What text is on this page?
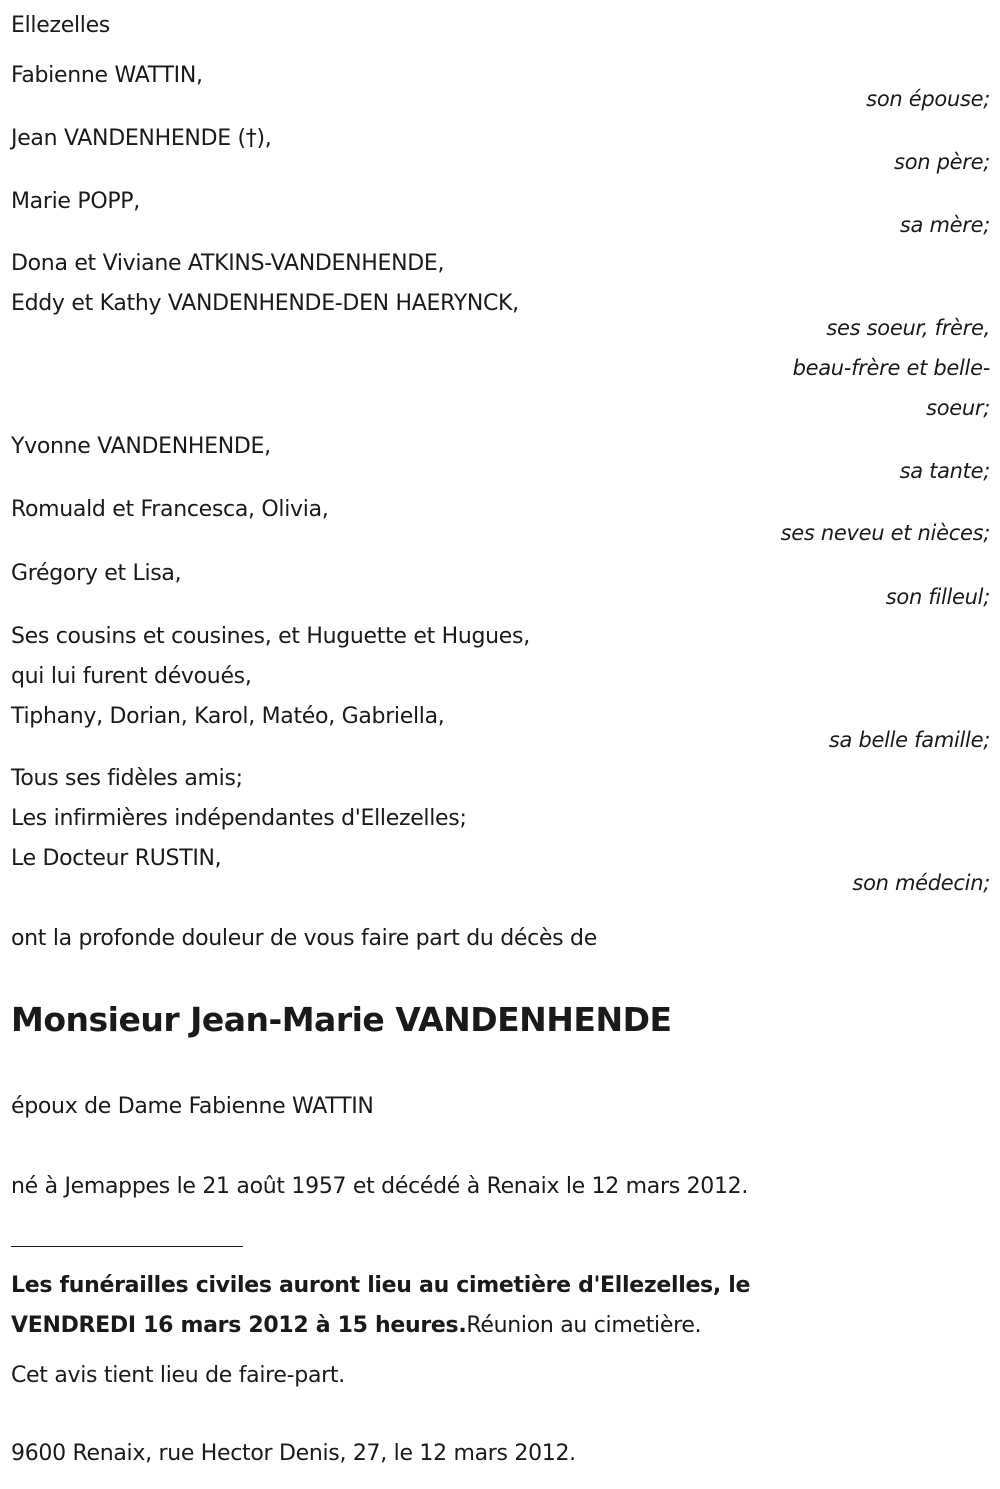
Ellezelles
Fabienne WATTIN,
son épouse;
Jean VANDENHENDE (†),
son père;
Marie POPP,
sa mère;
Dona et Viviane ATKINS-VANDENHENDE,
Eddy et Kathy VANDENHENDE-DEN HAERYNCK,
ses soeur, frère,
beau-frère et belle-
soeur;
Yvonne VANDENHENDE,
sa tante;
Romuald et Francesca, Olivia,
ses neveu et nièces;
Grégory et Lisa,
son filleul;
Ses cousins et cousines, et Huguette et Hugues,
qui lui furent dévoués,
Tiphany, Dorian, Karol, Matéo, Gabriella,
sa belle famille;
Tous ses fidèles amis;
Les infirmières indépendantes d'Ellezelles;
Le Docteur RUSTIN,
son médecin;
ont la profonde douleur de vous faire part du décès de
Monsieur Jean-Marie VANDENHENDE
époux de Dame Fabienne WATTIN
né à Jemappes le 21 août 1957 et décédé à Renaix le 12 mars 2012.
Les funérailles civiles auront lieu au cimetière d'Ellezelles, le
VENDREDI 16 mars 2012 à 15 heures.Réunion au cimetière.
Cet avis tient lieu de faire-part.
9600 Renaix, rue Hector Denis, 27, le 12 mars 2012.
